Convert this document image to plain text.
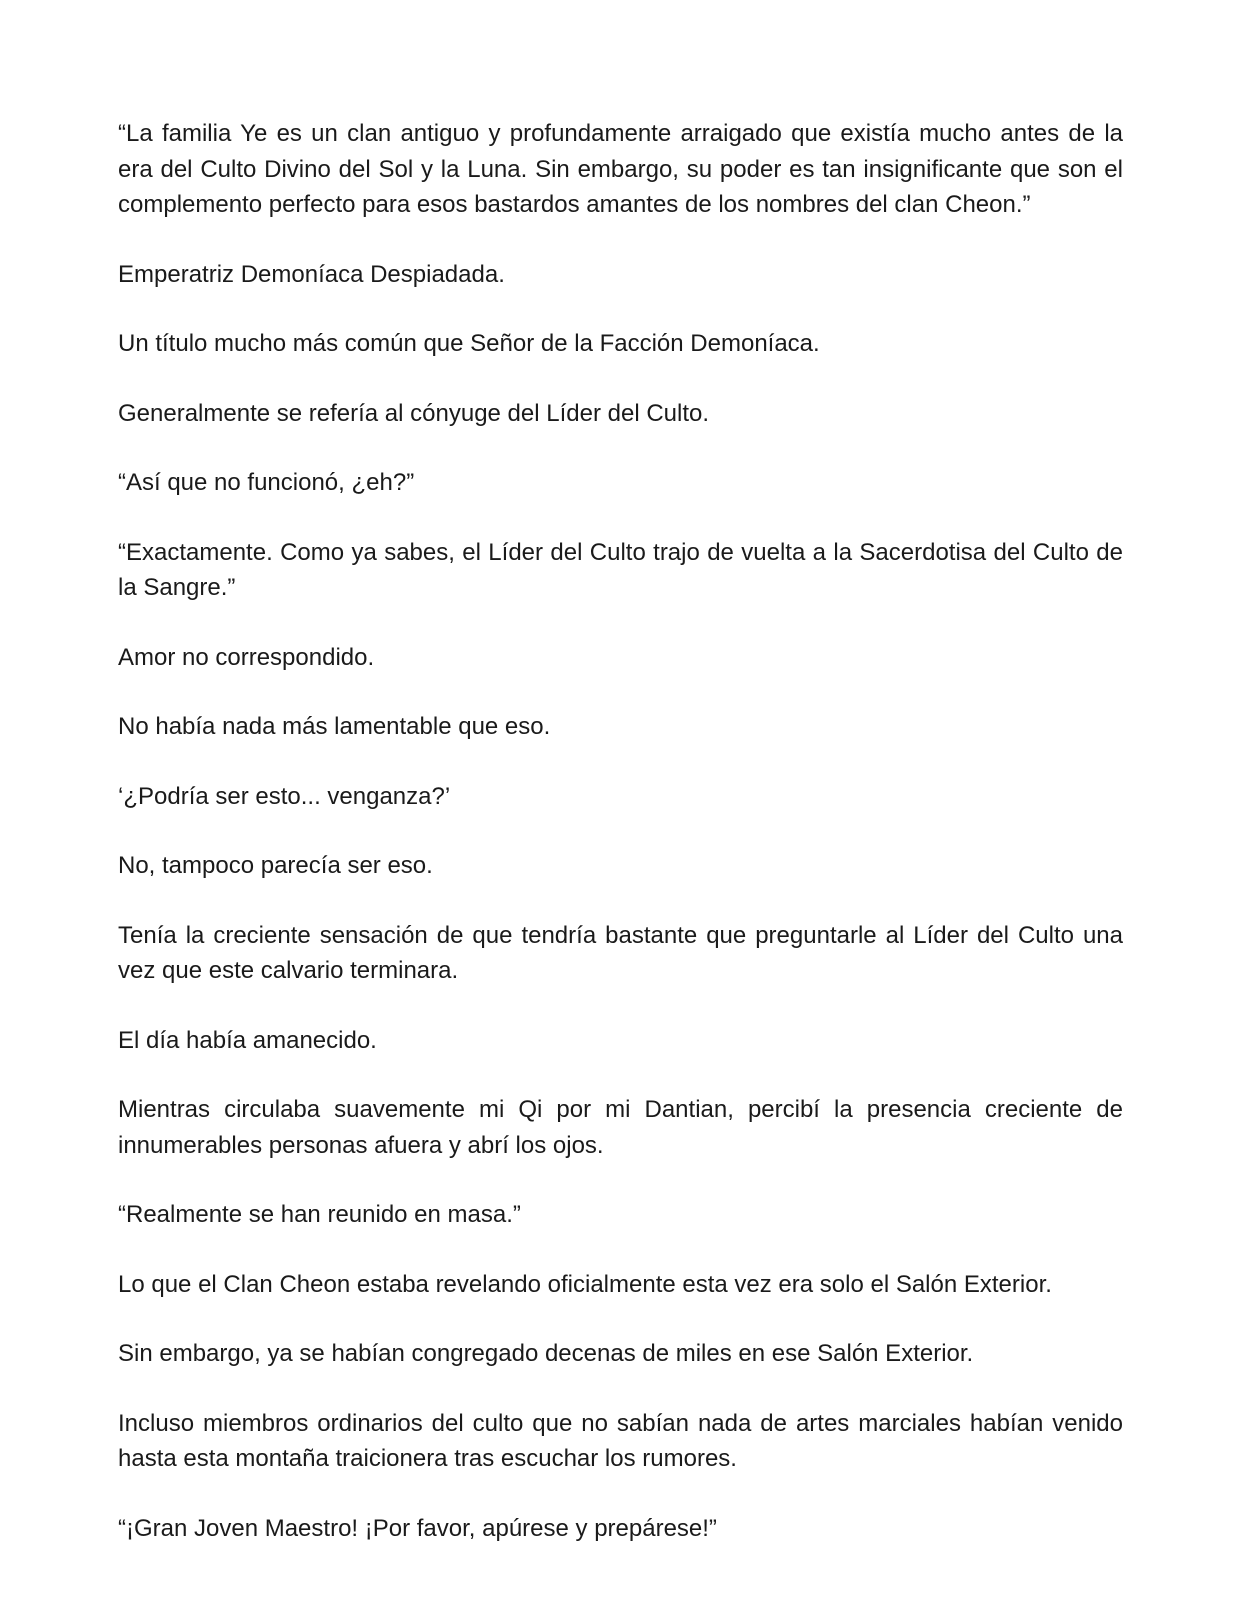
“La familia Ye es un clan antiguo y profundamente arraigado que existía mucho antes de la era del Culto Divino del Sol y la Luna. Sin embargo, su poder es tan insignificante que son el complemento perfecto para esos bastardos amantes de los nombres del clan Cheon.”

Emperatriz Demoníaca Despiadada.

Un título mucho más común que Señor de la Facción Demoníaca.

Generalmente se refería al cónyuge del Líder del Culto.

“Así que no funcionó, ¿eh?”

“Exactamente. Como ya sabes, el Líder del Culto trajo de vuelta a la Sacerdotisa del Culto de la Sangre.”

Amor no correspondido.

No había nada más lamentable que eso.

‘¿Podría ser esto... venganza?’

No, tampoco parecía ser eso.

Tenía la creciente sensación de que tendría bastante que preguntarle al Líder del Culto una vez que este calvario terminara.

El día había amanecido.

Mientras circulaba suavemente mi Qi por mi Dantian, percibí la presencia creciente de innumerables personas afuera y abrí los ojos.

“Realmente se han reunido en masa.”

Lo que el Clan Cheon estaba revelando oficialmente esta vez era solo el Salón Exterior.

Sin embargo, ya se habían congregado decenas de miles en ese Salón Exterior.

Incluso miembros ordinarios del culto que no sabían nada de artes marciales habían venido hasta esta montaña traicionera tras escuchar los rumores.

“¡Gran Joven Maestro! ¡Por favor, apúrese y prepárese!”
